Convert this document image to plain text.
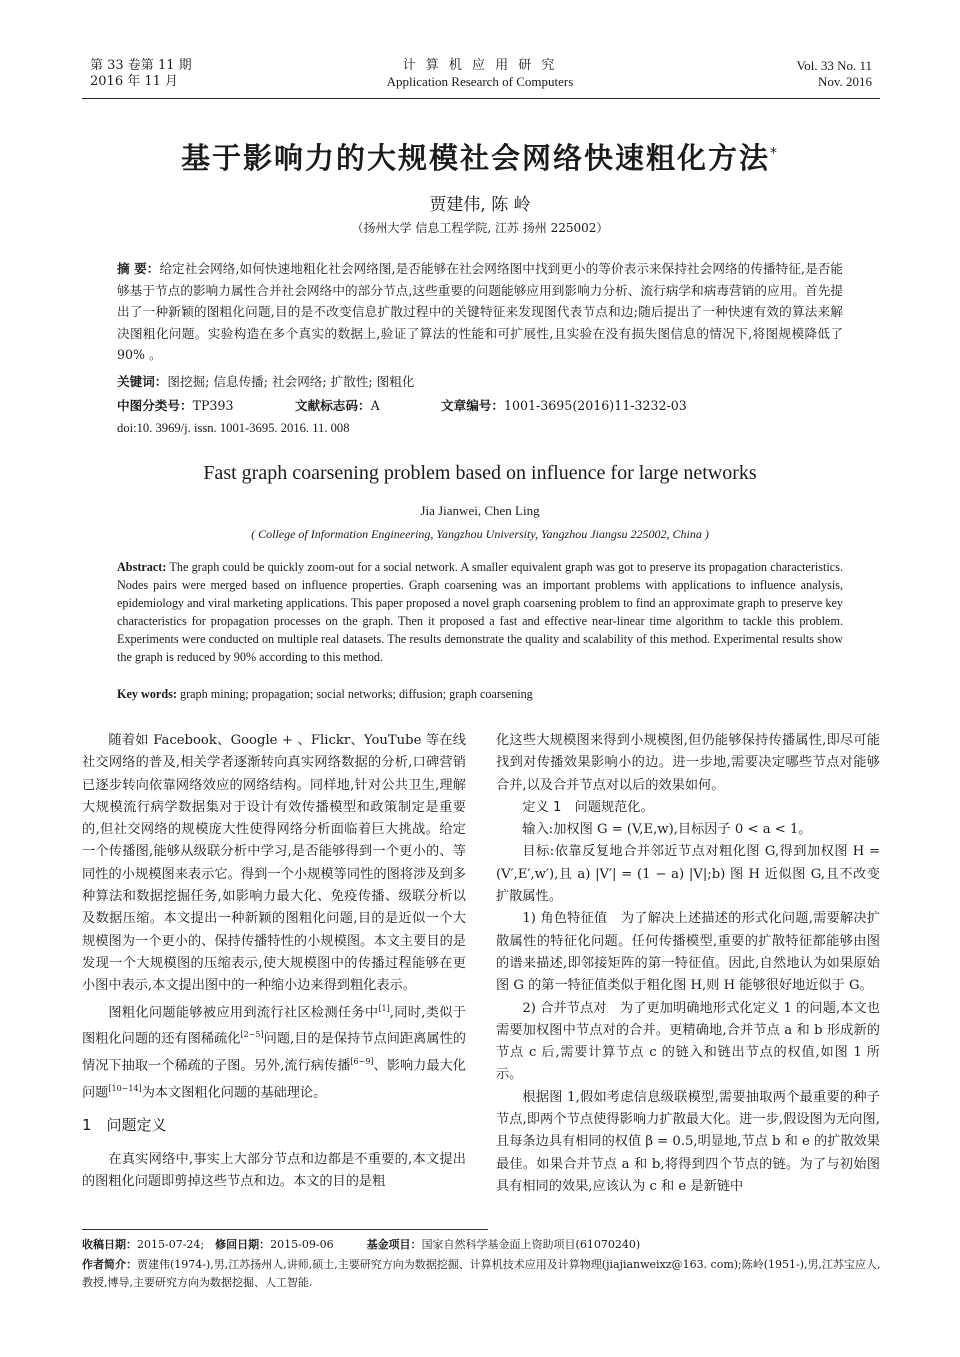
第 33 卷第 11 期
2016 年 11 月
计 算 机 应 用 研 究
Application Research of Computers
Vol. 33 No. 11
Nov. 2016
基于影响力的大规模社会网络快速粗化方法*
贾建伟, 陈 岭
（扬州大学 信息工程学院, 江苏 扬州 225002）
摘 要：给定社会网络,如何快速地粗化社会网络图,是否能够在社会网络图中找到更小的等价表示来保持社会网络的传播特征,是否能够基于节点的影响力属性合并社会网络中的部分节点,这些重要的问题能够应用到影响力分析、流行病学和病毒营销的应用。首先提出了一种新颖的图粗化问题,目的是不改变信息扩散过程中的关键特征来发现图代表节点和边;随后提出了一种快速有效的算法来解决图粗化问题。实验构造在多个真实的数据上,验证了算法的性能和可扩展性,且实验在没有损失图信息的情况下,将图规模降低了 90% 。
关键词：图挖掘; 信息传播; 社会网络; 扩散性; 图粗化
中图分类号：TP393	文献标志码：A	文章编号：1001-3695(2016)11-3232-03
doi:10. 3969/j. issn. 1001-3695. 2016. 11. 008
Fast graph coarsening problem based on influence for large networks
Jia Jianwei, Chen Ling
( College of Information Engineering, Yangzhou University, Yangzhou Jiangsu 225002, China )
Abstract: The graph could be quickly zoom-out for a social network. A smaller equivalent graph was got to preserve its propagation characteristics. Nodes pairs were merged based on influence properties. Graph coarsening was an important problems with applications to influence analysis, epidemiology and viral marketing applications. This paper proposed a novel graph coarsening problem to find an approximate graph to preserve key characteristics for propagation processes on the graph. Then it proposed a fast and effective near-linear time algorithm to tackle this problem. Experiments were conducted on multiple real datasets. The results demonstrate the quality and scalability of this method. Experimental results show the graph is reduced by 90% according to this method.
Key words: graph mining; propagation; social networks; diffusion; graph coarsening

随着如 Facebook、Google + 、Flickr、YouTube 等在线社交网络的普及,相关学者逐渐转向真实网络数据的分析,口碑营销已逐步转向依靠网络效应的网络结构。同样地,针对公共卫生,理解大规模流行病学数据集对于设计有效传播模型和政策制定是重要的,但社交网络的规模庞大性使得网络分析面临着巨大挑战。给定一个传播图,能够从级联分析中学习,是否能够得到一个更小的、等同性的小规模图来表示它。得到一个小规模等同性的图将涉及到多种算法和数据挖掘任务,如影响力最大化、免疫传播、级联分析以及数据压缩。本文提出一种新颖的图粗化问题,目的是近似一个大规模图为一个更小的、保持传播特性的小规模图。本文主要目的是发现一个大规模图的压缩表示,使大规模图中的传播过程能够在更小图中表示,本文提出图中的一种缩小边来得到粗化表示。

图粗化问题能够被应用到流行社区检测任务中[1],同时,类似于图粗化问题的还有图稀疏化[2~5]问题,目的是保持节点间距离属性的情况下抽取一个稀疏的子图。另外,流行病传播[6~9]、影响力最大化问题[10~14]为本文图粗化问题的基础理论。

1　问题定义

在真实网络中,事实上大部分节点和边都是不重要的,本文提出的图粗化问题即剪掉这些节点和边。本文的目的是粗

化这些大规模图来得到小规模图,但仍能够保持传播属性,即尽可能找到对传播效果影响小的边。进一步地,需要决定哪些节点对能够合并,以及合并节点对以后的效果如何。

定义 1　 问题规范化。

输入:加权图 G = (V,E,w),目标因子 0 < a < 1。

目标:依靠反复地合并邻近节点对粗化图 G,得到加权图 H = (V′,E′,w′),且 a) |V′| = (1 − a) |V|;b) 图 H 近似图 G,且不改变扩散属性。

1) 角色特征值　为了解决上述描述的形式化问题,需要解决扩散属性的特征化问题。任何传播模型,重要的扩散特征都能够由图的谱来描述,即邻接矩阵的第一特征值。因此,自然地认为如果原始图 G 的第一特征值类似于粗化图 H,则 H 能够很好地近似于 G。

2) 合并节点对　为了更加明确地形式化定义 1 的问题,本文也需要加权图中节点对的合并。更精确地,合并节点 a 和 b 形成新的节点 c 后,需要计算节点 c 的链入和链出节点的权值,如图 1 所示。

根据图 1,假如考虑信息级联模型,需要抽取两个最重要的种子节点,即两个节点使得影响力扩散最大化。进一步,假设图为无向图,且每条边具有相同的权值 β = 0.5,明显地,节点 b 和 e 的扩散效果最佳。如果合并节点 a 和 b,将得到四个节点的链。为了与初始图具有相同的效果,应该认为 c 和 e 是新链中

收稿日期：2015-07-24;　 修回日期：2015-09-06　　　	基金项目：国家自然科学基金面上资助项目(61070240)
作者简介：贾建伟(1974-),男,江苏扬州人,讲师,硕士,主要研究方向为数据挖掘、计算机技术应用及计算物理(jiajianweixz@163. com);陈岭(1951-),男,江苏宝应人,教授,博导,主要研究方向为数据挖掘、人工智能.
